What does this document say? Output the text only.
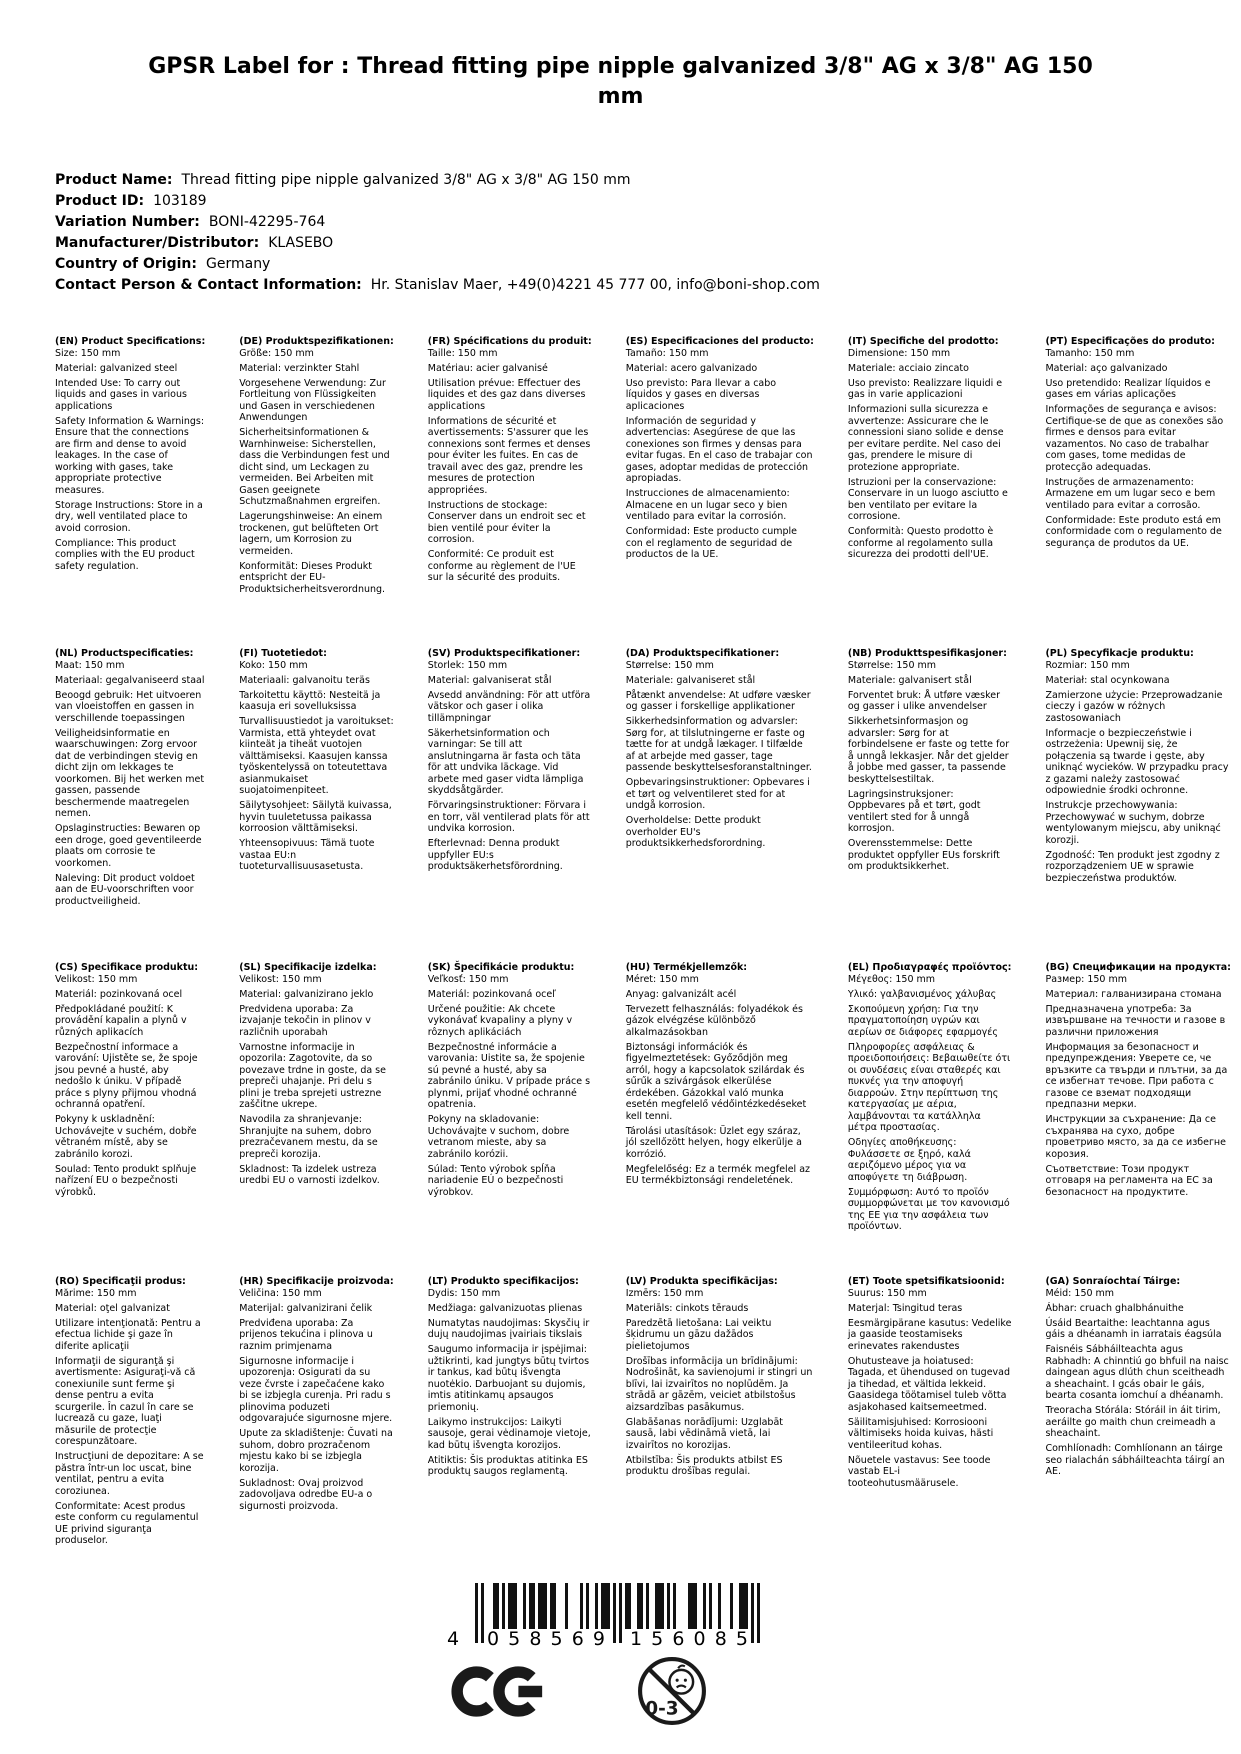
GPSR Label for : Thread fitting pipe nipple galvanized 3/8" AG x 3/8" AG 150 mm
Product Name: Thread fitting pipe nipple galvanized 3/8" AG x 3/8" AG 150 mm
Product ID: 103189
Variation Number: BONI-42295-764
Manufacturer/Distributor: KLASEBO
Country of Origin: Germany
Contact Person & Contact Information: Hr. Stanislav Maer, +49(0)4221 45 777 00, info@boni-shop.com
(EN) Product Specifications:

Size: 150 mm

Material: galvanized steel

Intended Use: To carry out liquids and gases in various applications

Safety Information & Warnings: Ensure that the connections are firm and dense to avoid leakages. In the case of working with gases, take appropriate protective measures.

Storage Instructions: Store in a dry, well ventilated place to avoid corrosion.

Compliance: This product complies with the EU product safety regulation.

(DE) Produktspezifikationen:

Größe: 150 mm

Material: verzinkter Stahl

Vorgesehene Verwendung: Zur Fortleitung von Flüssigkeiten und Gasen in verschiedenen Anwendungen

Sicherheitsinformationen & Warnhinweise: Sicherstellen, dass die Verbindungen fest und dicht sind, um Leckagen zu vermeiden. Bei Arbeiten mit Gasen geeignete Schutzmaßnahmen ergreifen.

Lagerungshinweise: An einem trockenen, gut belüfteten Ort lagern, um Korrosion zu vermeiden.

Konformität: Dieses Produkt entspricht der EU-Produktsicherheitsverordnung.

(FR) Spécifications du produit:

Taille: 150 mm

Matériau: acier galvanisé

Utilisation prévue: Effectuer des liquides et des gaz dans diverses applications

Informations de sécurité et avertissements: S'assurer que les connexions sont fermes et denses pour éviter les fuites. En cas de travail avec des gaz, prendre les mesures de protection appropriées.

Instructions de stockage: Conserver dans un endroit sec et bien ventilé pour éviter la corrosion.

Conformité: Ce produit est conforme au règlement de l'UE sur la sécurité des produits.

(ES) Especificaciones del producto:

Tamaño: 150 mm

Material: acero galvanizado

Uso previsto: Para llevar a cabo líquidos y gases en diversas aplicaciones

Información de seguridad y advertencias: Asegúrese de que las conexiones son firmes y densas para evitar fugas. En el caso de trabajar con gases, adoptar medidas de protección apropiadas.

Instrucciones de almacenamiento: Almacene en un lugar seco y bien ventilado para evitar la corrosión.

Conformidad: Este producto cumple con el reglamento de seguridad de productos de la UE.

(IT) Specifiche del prodotto:

Dimensione: 150 mm

Materiale: acciaio zincato

Uso previsto: Realizzare liquidi e gas in varie applicazioni

Informazioni sulla sicurezza e avvertenze: Assicurare che le connessioni siano solide e dense per evitare perdite. Nel caso dei gas, prendere le misure di protezione appropriate.

Istruzioni per la conservazione: Conservare in un luogo asciutto e ben ventilato per evitare la corrosione.

Conformità: Questo prodotto è conforme al regolamento sulla sicurezza dei prodotti dell'UE.

(PT) Especificações do produto:

Tamanho: 150 mm

Material: aço galvanizado

Uso pretendido: Realizar líquidos e gases em várias aplicações

Informações de segurança e avisos: Certifique-se de que as conexões são firmes e densos para evitar vazamentos. No caso de trabalhar com gases, tome medidas de protecção adequadas.

Instruções de armazenamento: Armazene em um lugar seco e bem ventilado para evitar a corrosão.

Conformidade: Este produto está em conformidade com o regulamento de segurança de produtos da UE.

(NL) Productspecificaties:

Maat: 150 mm

Materiaal: gegalvaniseerd staal

Beoogd gebruik: Het uitvoeren van vloeistoffen en gassen in verschillende toepassingen

Veiligheidsinformatie en waarschuwingen: Zorg ervoor dat de verbindingen stevig en dicht zijn om lekkages te voorkomen. Bij het werken met gassen, passende beschermende maatregelen nemen.

Opslaginstructies: Bewaren op een droge, goed geventileerde plaats om corrosie te voorkomen.

Naleving: Dit product voldoet aan de EU-voorschriften voor productveiligheid.

(FI) Tuotetiedot:

Koko: 150 mm

Materiaali: galvanoitu teräs

Tarkoitettu käyttö: Nesteitä ja kaasuja eri sovelluksissa

Turvallisuustiedot ja varoitukset: Varmista, että yhteydet ovat kiinteät ja tiheät vuotojen välttämiseksi. Kaasujen kanssa työskentelyssä on toteutettava asianmukaiset suojatoimenpiteet.

Säilytysohjeet: Säilytä kuivassa, hyvin tuuletetussa paikassa korroosion välttämiseksi.

Yhteensopivuus: Tämä tuote vastaa EU:n tuoteturvallisuusasetusta.

(SV) Produktspecifikationer:

Storlek: 150 mm

Material: galvaniserat stål

Avsedd användning: För att utföra vätskor och gaser i olika tillämpningar

Säkerhetsinformation och varningar: Se till att anslutningarna är fasta och täta för att undvika läckage. Vid arbete med gaser vidta lämpliga skyddsåtgärder.

Förvaringsinstruktioner: Förvara i en torr, väl ventilerad plats för att undvika korrosion.

Efterlevnad: Denna produkt uppfyller EU:s produktsäkerhetsförordning.

(DA) Produktspecifikationer:

Størrelse: 150 mm

Materiale: galvaniseret stål

Påtænkt anvendelse: At udføre væsker og gasser i forskellige applikationer

Sikkerhedsinformation og advarsler: Sørg for, at tilslutningerne er faste og tætte for at undgå lækager. I tilfælde af at arbejde med gasser, tage passende beskyttelsesforanstaltninger.

Opbevaringsinstruktioner: Opbevares i et tørt og velventileret sted for at undgå korrosion.

Overholdelse: Dette produkt overholder EU's produktsikkerhedsforordning.

(NB) Produkttspesifikasjoner:

Størrelse: 150 mm

Materiale: galvanisert stål

Forventet bruk: Å utføre væsker og gasser i ulike anvendelser

Sikkerhetsinformasjon og advarsler: Sørg for at forbindelsene er faste og tette for å unngå lekkasjer. Når det gjelder å jobbe med gasser, ta passende beskyttelsestiltak.

Lagringsinstruksjoner: Oppbevares på et tørt, godt ventilert sted for å unngå korrosjon.

Overensstemmelse: Dette produktet oppfyller EUs forskrift om produktsikkerhet.

(PL) Specyfikacje produktu:

Rozmiar: 150 mm

Materiał: stal ocynkowana

Zamierzone użycie: Przeprowadzanie cieczy i gazów w różnych zastosowaniach

Informacje o bezpieczeństwie i ostrzeżenia: Upewnij się, że połączenia są twarde i gęste, aby uniknąć wycieków. W przypadku pracy z gazami należy zastosować odpowiednie środki ochronne.

Instrukcje przechowywania: Przechowywać w suchym, dobrze wentylowanym miejscu, aby uniknąć korozji.

Zgodność: Ten produkt jest zgodny z rozporządzeniem UE w sprawie bezpieczeństwa produktów.

(CS) Specifikace produktu:

Velikost: 150 mm

Materiál: pozinkovaná ocel

Předpokládané použití: K provádění kapalin a plynů v různých aplikacích

Bezpečnostní informace a varování: Ujistěte se, že spoje jsou pevné a husté, aby nedošlo k úniku. V případě práce s plyny přijmou vhodná ochranná opatření.

Pokyny k uskladnění: Uchovávejte v suchém, dobře větraném místě, aby se zabránilo korozi.

Soulad: Tento produkt splňuje nařízení EU o bezpečnosti výrobků.

(SL) Specifikacije izdelka:

Velikost: 150 mm

Material: galvanizirano jeklo

Predvidena uporaba: Za izvajanje tekočin in plinov v različnih uporabah

Varnostne informacije in opozorila: Zagotovite, da so povezave trdne in goste, da se prepreči uhajanje. Pri delu s plini je treba sprejeti ustrezne zaščitne ukrepe.

Navodila za shranjevanje: Shranjujte na suhem, dobro prezračevanem mestu, da se prepreči korozija.

Skladnost: Ta izdelek ustreza uredbi EU o varnosti izdelkov.

(SK) Špecifikácie produktu:

Veľkosť: 150 mm

Materiál: pozinkovaná oceľ

Určené použitie: Ak chcete vykonávať kvapaliny a plyny v rôznych aplikáciách

Bezpečnostné informácie a varovania: Uistite sa, že spojenie sú pevné a husté, aby sa zabránilo úniku. V prípade práce s plynmi, prijať vhodné ochranné opatrenia.

Pokyny na skladovanie: Uchovávajte v suchom, dobre vetranom mieste, aby sa zabránilo korózii.

Súlad: Tento výrobok spĺňa nariadenie EÚ o bezpečnosti výrobkov.

(HU) Termékjellemzők:

Méret: 150 mm

Anyag: galvanizált acél

Tervezett felhasználás: folyadékok és gázok elvégzése különböző alkalmazásokban

Biztonsági információk és figyelmeztetések: Győződjön meg arról, hogy a kapcsolatok szilárdak és sűrűk a szivárgások elkerülése érdekében. Gázokkal való munka esetén megfelelő védőintézkedéseket kell tenni.

Tárolási utasítások: Üzlet egy száraz, jól szellőzött helyen, hogy elkerülje a korrózió.

Megfelelőség: Ez a termék megfelel az EU termékbiztonsági rendeletének.

(EL) Προδιαγραφές προϊόντος:

Μέγεθος: 150 mm

Υλικό: γαλβανισμένος χάλυβας

Σκοπούμενη χρήση: Για την πραγματοποίηση υγρών και αερίων σε διάφορες εφαρμογές

Πληροφορίες ασφάλειας & προειδοποιήσεις: Βεβαιωθείτε ότι οι συνδέσεις είναι σταθερές και πυκνές για την αποφυγή διαρροών. Στην περίπτωση της κατεργασίας με αέρια, λαμβάνονται τα κατάλληλα μέτρα προστασίας.

Οδηγίες αποθήκευσης: Φυλάσσετε σε ξηρό, καλά αεριζόμενο μέρος για να αποφύγετε τη διάβρωση.

Συμμόρφωση: Αυτό το προϊόν συμμορφώνεται με τον κανονισμό της ΕΕ για την ασφάλεια των προϊόντων.

(BG) Спецификации на продукта:

Размер: 150 mm

Материал: галванизирана стомана

Предназначена употреба: За извършване на течности и газове в различни приложения

Информация за безопасност и предупреждения: Уверете се, че връзките са твърди и плътни, за да се избегнат течове. При работа с газове се вземат подходящи предпазни мерки.

Инструкции за съхранение: Да се съхранява на сухо, добре проветриво място, за да се избегне корозия.

Съответствие: Този продукт отговаря на регламента на ЕС за безопасност на продуктите.

(RO) Specificaţii produs:

Mărime: 150 mm

Material: oţel galvanizat

Utilizare intenţionată: Pentru a efectua lichide şi gaze în diferite aplicaţii

Informaţii de siguranţă şi avertismente: Asiguraţi-vă că conexiunile sunt ferme şi dense pentru a evita scurgerile. În cazul în care se lucrează cu gaze, luaţi măsurile de protecţie corespunzătoare.

Instrucţiuni de depozitare: A se păstra într-un loc uscat, bine ventilat, pentru a evita coroziunea.

Conformitate: Acest produs este conform cu regulamentul UE privind siguranţa produselor.

(HR) Specifikacije proizvoda:

Veličina: 150 mm

Materijal: galvanizirani čelik

Predviđena uporaba: Za prijenos tekućina i plinova u raznim primjenama

Sigurnosne informacije i upozorenja: Osigurati da su veze čvrste i zapečaćene kako bi se izbjegla curenja. Pri radu s plinovima poduzeti odgovarajuće sigurnosne mjere.

Upute za skladištenje: Čuvati na suhom, dobro prozračenom mjestu kako bi se izbjegla korozija.

Sukladnost: Ovaj proizvod zadovoljava odredbe EU-a o sigurnosti proizvoda.

(LT) Produkto specifikacijos:

Dydis: 150 mm

Medžiaga: galvanizuotas plienas

Numatytas naudojimas: Skysčių ir dujų naudojimas įvairiais tikslais

Saugumo informacija ir įspėjimai: užtikrinti, kad jungtys būtų tvirtos ir tankus, kad būtų išvengta nuotėkio. Darbuojant su dujomis, imtis atitinkamų apsaugos priemonių.

Laikymo instrukcijos: Laikyti sausoje, gerai vėdinamoje vietoje, kad būtų išvengta korozijos.

Atitiktis: Šis produktas atitinka ES produktų saugos reglamentą.

(LV) Produkta specifikācijas:

Izmērs: 150 mm

Materiāls: cinkots tērauds

Paredzētā lietošana: Lai veiktu šķidrumu un gāzu dažādos pielietojumos

Drošības informācija un brīdinājumi: Nodrošināt, ka savienojumi ir stingri un blīvi, lai izvairītos no noplūdēm. Ja strādā ar gāzēm, veiciet atbilstošus aizsardzības pasākumus.

Glabāšanas norādījumi: Uzglabāt sausā, labi vēdināmā vietā, lai izvairītos no korozijas.

Atbilstība: Šis produkts atbilst ES produktu drošības regulai.

(ET) Toote spetsifikatsioonid:

Suurus: 150 mm

Materjal: Tsingitud teras

Eesmärgipärane kasutus: Vedelike ja gaaside teostamiseks erinevates rakendustes

Ohutusteave ja hoiatused: Tagada, et ühendused on tugevad ja tihedad, et vältida lekkeid. Gaasidega töötamisel tuleb võtta asjakohased kaitsemeetmed.

Säilitamisjuhised: Korrosiooni vältimiseks hoida kuivas, hästi ventileeritud kohas.

Nõuetele vastavus: See toode vastab EL-i tooteohutusmäärusele.

(GA) Sonraíochtaí Táirge:

Méid: 150 mm

Ábhar: cruach ghalbhánuithe

Úsáid Beartaithe: leachtanna agus gáis a dhéanamh in iarratais éagsúla

Faisnéis Sábháilteachta agus Rabhadh: A chinntiú go bhfuil na naisc daingean agus dlúth chun sceitheadh a sheachaint. I gcás obair le gáis, bearta cosanta iomchuí a dhéanamh.

Treoracha Stórála: Stóráil in áit tirim, aeráilte go maith chun creimeadh a sheachaint.

Comhlíonadh: Comhlíonann an táirge seo rialachán sábháilteachta táirgí an AE.

4 058569 156085
0-3
